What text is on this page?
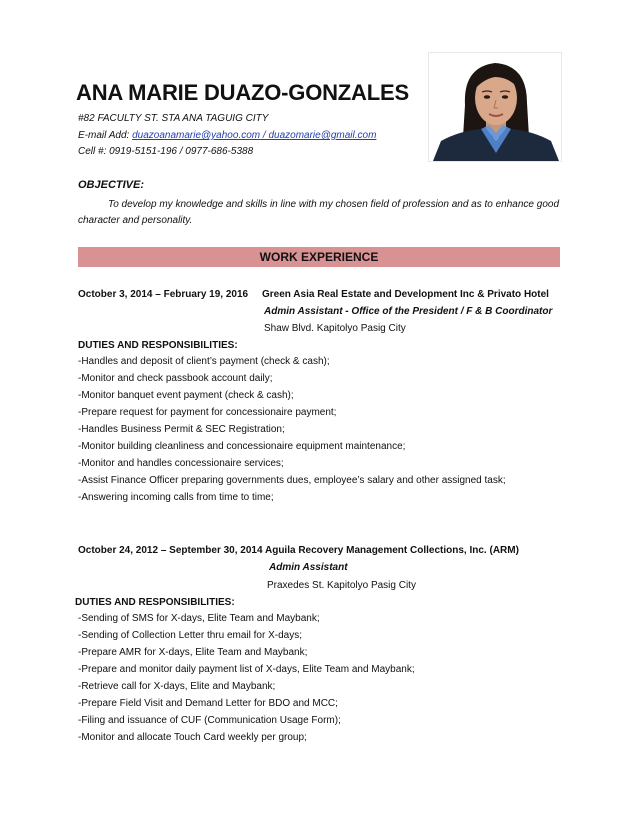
ANA MARIE DUAZO-GONZALES
#82 FACULTY ST. STA ANA TAGUIG CITY
E-mail Add: duazoanamarie@yahoo.com / duazomarie@gmail.com
Cell #: 0919-5151-196 / 0977-686-5388
OBJECTIVE:
To develop my knowledge and skills in line with my chosen field of profession and as to enhance good character and personality.
WORK EXPERIENCE
October 3, 2014 – February 19, 2016 Green Asia Real Estate and Development Inc & Privato Hotel
Admin Assistant - Office of the President / F & B Coordinator
Shaw Blvd. Kapitolyo Pasig City
DUTIES AND RESPONSIBILITIES:
-Handles and deposit of client’s payment (check & cash);
-Monitor and check passbook account daily;
-Monitor banquet event payment (check & cash);
-Prepare request for payment for concessionaire payment;
-Handles Business Permit & SEC Registration;
-Monitor building cleanliness and concessionaire equipment maintenance;
-Monitor and handles concessionaire services;
-Assist Finance Officer preparing governments dues, employee’s salary and other assigned task;
-Answering incoming calls from time to time;
October 24, 2012 – September 30, 2014 Aguila Recovery Management Collections, Inc. (ARM)
Admin Assistant
Praxedes St. Kapitolyo Pasig City
DUTIES AND RESPONSIBILITIES:
-Sending of SMS for X-days, Elite Team and Maybank;
-Sending of Collection Letter thru email for X-days;
-Prepare AMR for X-days, Elite Team and Maybank;
-Prepare and monitor daily payment list of X-days, Elite Team and Maybank;
-Retrieve call for X-days, Elite and Maybank;
-Prepare Field Visit and Demand Letter for BDO and MCC;
-Filing and issuance of CUF (Communication Usage Form);
-Monitor and allocate Touch Card weekly per group;
